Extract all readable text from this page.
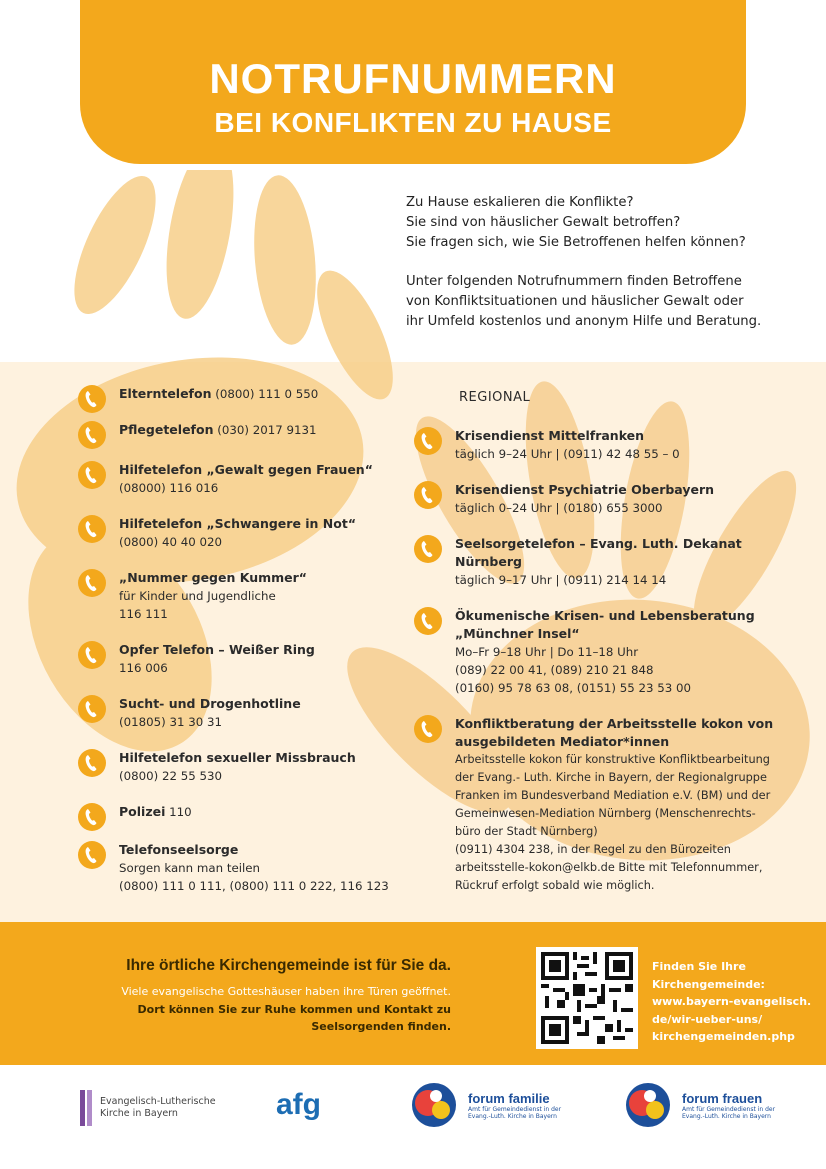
NOTRUFNUMMERN
BEI KONFLIKTEN ZU HAUSE

Zu Hause eskalieren die Konflikte?
Sie sind von häuslicher Gewalt betroffen?
Sie fragen sich, wie Sie Betroffenen helfen können?

Unter folgenden Notrufnummern finden Betroffene
von Konfliktsituationen und häuslicher Gewalt oder
ihr Umfeld kostenlos und anonym Hilfe und Beratung.

Elterntelefon (0800) 111 0 550
Pflegetelefon (030) 2017 9131
Hilfetelefon „Gewalt gegen Frauen“
(08000) 116 016
Hilfetelefon „Schwangere in Not“
(0800) 40 40 020
„Nummer gegen Kummer“
für Kinder und Jugendliche
116 111
Opfer Telefon – Weißer Ring
116 006
Sucht- und Drogenhotline
(01805) 31 30 31
Hilfetelefon sexueller Missbrauch
(0800) 22 55 530
Polizei 110
Telefonseelsorge
Sorgen kann man teilen
(0800) 111 0 111, (0800) 111 0 222, 116 123
REGIONAL
Krisendienst Mittelfranken
täglich 9–24 Uhr | (0911) 42 48 55 – 0
Krisendienst Psychiatrie Oberbayern
täglich 0–24 Uhr | (0180) 655 3000
Seelsorgetelefon – Evang. Luth. Dekanat
Nürnberg
täglich 9–17 Uhr | (0911) 214 14 14
Ökumenische Krisen- und Lebensberatung
„Münchner Insel“
Mo–Fr 9–18 Uhr | Do 11–18 Uhr
(089) 22 00 41, (089) 210 21 848
(0160) 95 78 63 08, (0151) 55 23 53 00
Konfliktberatung der Arbeitsstelle kokon von
ausgebildeten Mediator*innen
Arbeitsstelle kokon für konstruktive Konfliktbearbeitung
der Evang.- Luth. Kirche in Bayern, der Regionalgruppe
Franken im Bundesverband Mediation e.V. (BM) und der
Gemeinwesen-Mediation Nürnberg (Menschenrechts-
büro der Stadt Nürnberg)
(0911) 4304 238, in der Regel zu den Bürozeiten
arbeitsstelle-kokon@elkb.de Bitte mit Telefonnummer,
Rückruf erfolgt sobald wie möglich.
Ihre örtliche Kirchengemeinde ist für Sie da.
Viele evangelische Gotteshäuser haben ihre Türen geöffnet.
Dort können Sie zur Ruhe kommen und Kontakt zu
Seelsorgenden finden.
Finden Sie Ihre
Kirchengemeinde:
www.bayern-evangelisch.
de/wir-ueber-uns/
kirchengemeinden.php
Evangelisch-Lutherische
Kirche in Bayern	afg	forum familie
Amt für Gemeindedienst in der
Evang.-Luth. Kirche in Bayern
forum frauen
Amt für Gemeindedienst in der
Evang.-Luth. Kirche in Bayern
